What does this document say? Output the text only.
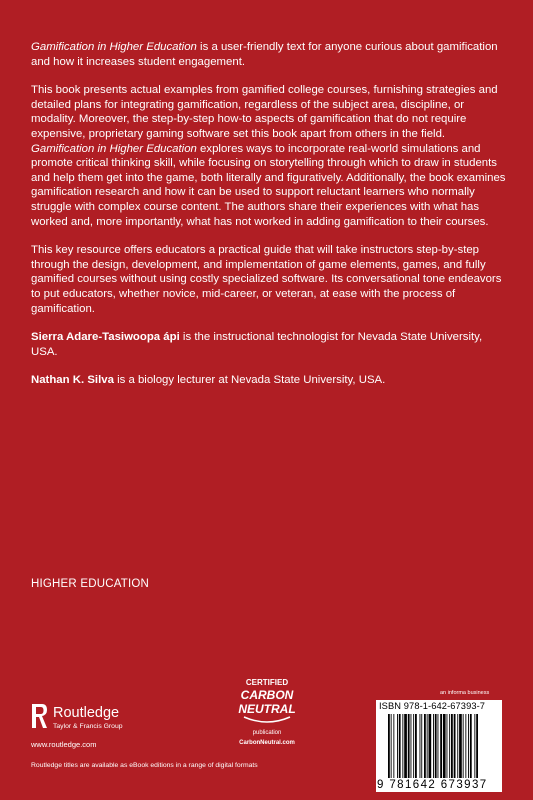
Gamification in Higher Education is a user-friendly text for anyone curious about gamification and how it increases student engagement.

This book presents actual examples from gamified college courses, furnishing strategies and detailed plans for integrating gamification, regardless of the subject area, discipline, or modality. Moreover, the step-by-step how-to aspects of gamification that do not require expensive, proprietary gaming software set this book apart from others in the field. Gamification in Higher Education explores ways to incorporate real-world simulations and promote critical thinking skill, while focusing on storytelling through which to draw in students and help them get into the game, both literally and figuratively. Additionally, the book examines gamification research and how it can be used to support reluctant learners who normally struggle with complex course content. The authors share their experiences with what has worked and, more importantly, what has not worked in adding gamification to their courses.

This key resource offers educators a practical guide that will take instructors step-by-step through the design, development, and implementation of game elements, games, and fully gamified courses without using costly specialized software. Its conversational tone endeavors to put educators, whether novice, mid-career, or veteran, at ease with the process of gamification.

Sierra Adare-Tasiwoopa ápi is the instructional technologist for Nevada State University, USA.

Nathan K. Silva is a biology lecturer at Nevada State University, USA.

HIGHER EDUCATION
an informa business
Routledge
Taylor & Francis Group
www.routledge.com
CERTIFIED
CARBON
NEUTRAL
publication
CarbonNeutral.com
ISBN 978-1-642-67393-7
9 781642 673937
Routledge titles are available as eBook editions in a range of digital formats
